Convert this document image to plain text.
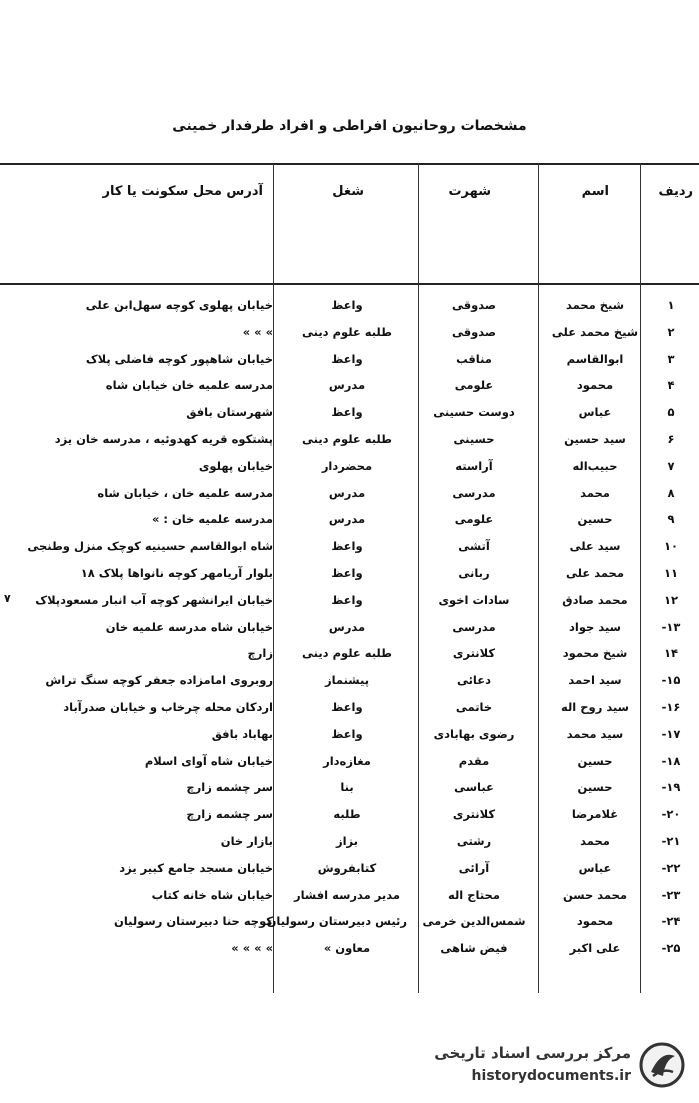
مشخصات روحانیون افراطی و افراد طرفدار خمینی
ردیف
اسم
شهرت
شغل
آدرس محل سکونت یا کار
۱
شیخ محمد
صدوقی
واعظ
خیابان پهلوی کوچه سهل‌ابن علی
۲
شیخ محمد علی
صدوقی
طلبه علوم دینی
» » »
۳
ابوالقاسم
مناقب
واعظ
خیابان شاهپور کوچه فاضلی پلاک
۴
محمود
علومی
مدرس
مدرسه علمیه خان خیابان شاه
۵
عباس
دوست حسینی
واعظ
شهرستان بافق
۶
سید حسین
حسینی
طلبه علوم دینی
پشتکوه قریه کهدوئیه ، مدرسه خان یزد
۷
حبیب‌اله
آراسته
محضردار
خیابان پهلوی
۸
محمد
مدرسی
مدرس
مدرسه علمیه خان ، خیابان شاه
۹
حسین
علومی
مدرس
مدرسه علمیه خان : »
۱۰
سید علی
آتشی
واعظ
شاه ابوالقاسم حسینیه کوچک منزل وطنجی
۱۱
محمد علی
ربانی
واعظ
بلوار آریامهر کوچه نانواها پلاک ۱۸
۱۲
محمد صادق
سادات اخوی
واعظ
خیابان ایرانشهر کوچه آب انبار مسعودپلاک
۱۳-
سید جواد
مدرسی
مدرس
خیابان شاه مدرسه علمیه خان
۱۴
شیخ محمود
کلانتری
طلبه علوم دینی
زارچ
۱۵-
سید احمد
دعائی
پیشنماز
روبروی امامزاده جعفر کوچه سنگ تراش
۱۶-
سید روح اله
خاتمی
واعظ
اردکان محله چرخاب و خیابان صدرآباد
۱۷-
سید محمد
رضوی بهابادی
واعظ
بهاباد بافق
۱۸-
حسین
مقدم
مغازه‌دار
خیابان شاه آوای اسلام
۱۹-
حسین
عباسی
بنا
سر چشمه زارچ
۲۰-
غلامرضا
کلانتری
طلبه
سر چشمه زارچ
۲۱-
محمد
رشتی
بزاز
بازار خان
۲۲-
عباس
آرائی
کتابفروش
خیابان مسجد جامع کبیر یزد
۲۳-
محمد حسن
محتاج اله
مدیر مدرسه افشار
خیابان شاه خانه کتاب
۲۴-
محمود
شمس‌الدین خرمی
رئیس دبیرستان رسولیان
کوچه حنا دبیرستان رسولیان
۲۵-
علی اکبر
فیض شاهی
معاون »
» » » »
۷
مرکز بررسی اسناد تاریخی
historydocuments.ir
